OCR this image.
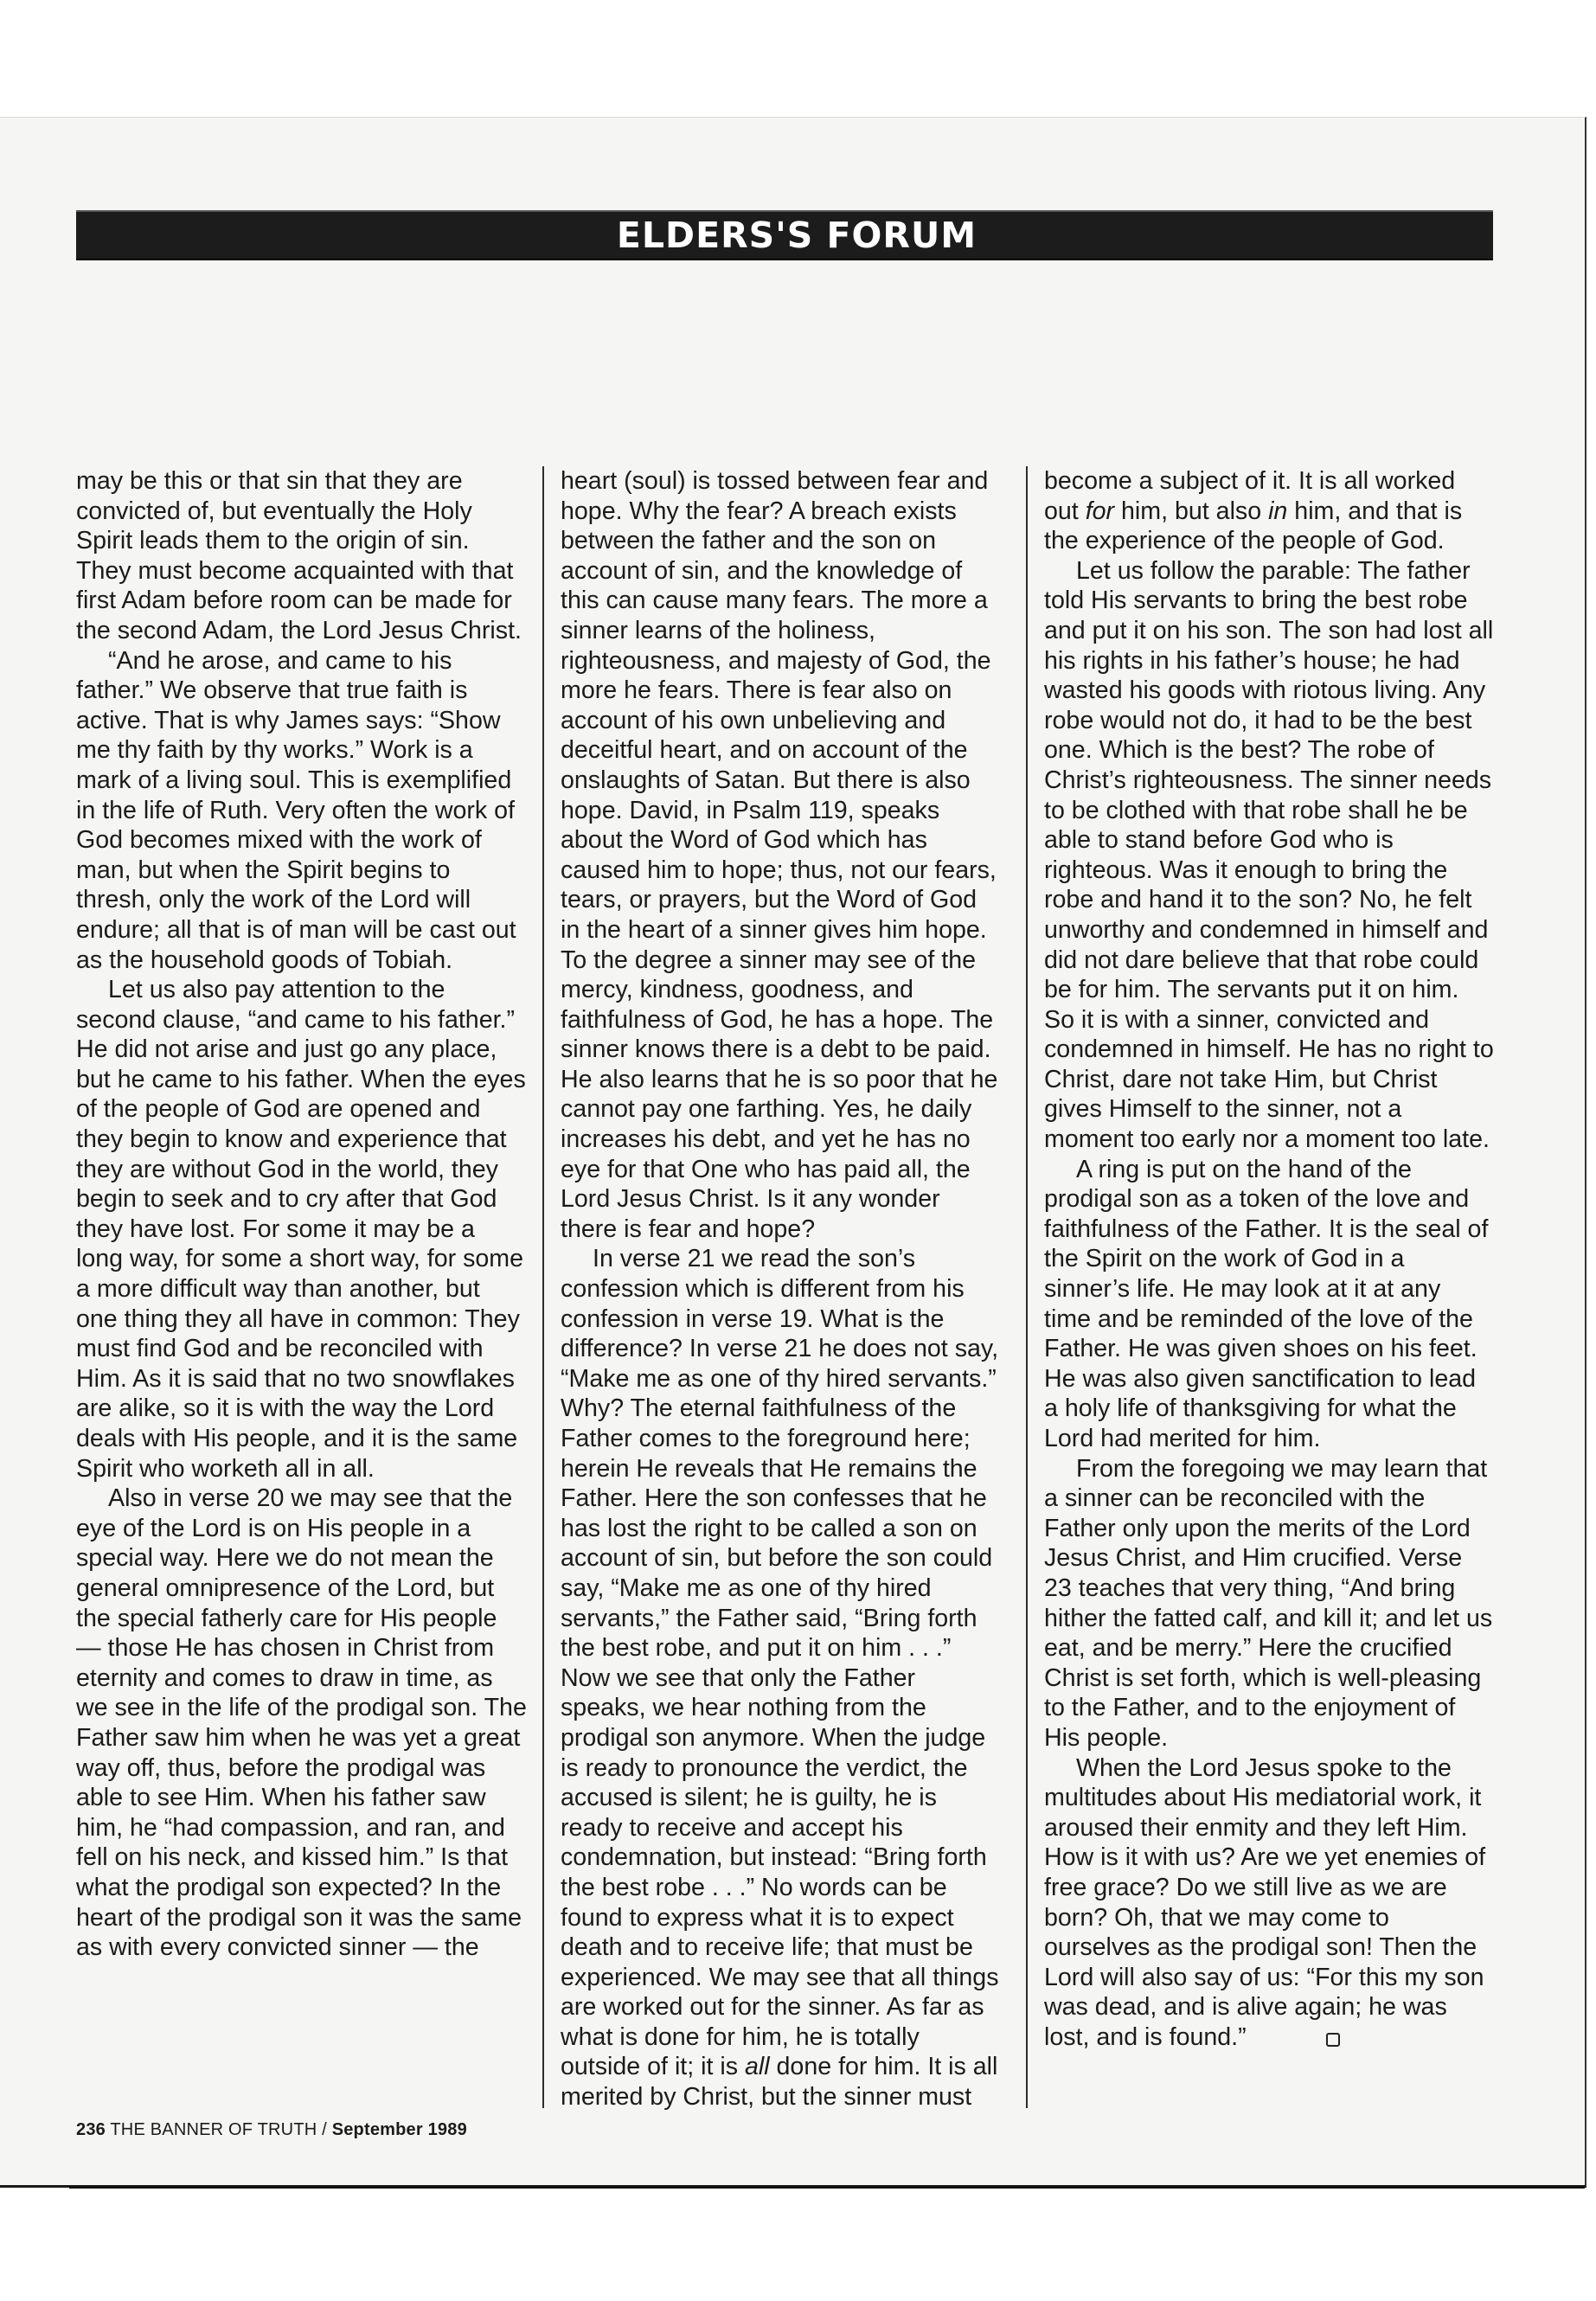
ELDERS'S FORUM

may be this or that sin that they are convicted of, but eventually the Holy Spirit leads them to the origin of sin. They must become acquainted with that first Adam before room can be made for the second Adam, the Lord Jesus Christ.

“And he arose, and came to his father.” We observe that true faith is active. That is why James says: “Show me thy faith by thy works.” Work is a mark of a living soul. This is exemplified in the life of Ruth. Very often the work of God becomes mixed with the work of man, but when the Spirit begins to thresh, only the work of the Lord will endure; all that is of man will be cast out as the household goods of Tobiah.

Let us also pay attention to the second clause, “and came to his father.” He did not arise and just go any place, but he came to his father. When the eyes of the people of God are opened and they begin to know and experience that they are without God in the world, they begin to seek and to cry after that God they have lost. For some it may be a long way, for some a short way, for some a more difficult way than another, but one thing they all have in common: They must find God and be reconciled with Him. As it is said that no two snowflakes are alike, so it is with the way the Lord deals with His people, and it is the same Spirit who worketh all in all.

Also in verse 20 we may see that the eye of the Lord is on His people in a special way. Here we do not mean the general omnipresence of the Lord, but the special fatherly care for His people — those He has chosen in Christ from eternity and comes to draw in time, as we see in the life of the prodigal son. The Father saw him when he was yet a great way off, thus, before the prodigal was able to see Him. When his father saw him, he “had compassion, and ran, and fell on his neck, and kissed him.” Is that what the prodigal son expected? In the heart of the prodigal son it was the same as with every convicted sinner — the

heart (soul) is tossed between fear and hope. Why the fear? A breach exists between the father and the son on account of sin, and the knowledge of this can cause many fears. The more a sinner learns of the holiness, righteousness, and majesty of God, the more he fears. There is fear also on account of his own unbelieving and deceitful heart, and on account of the onslaughts of Satan. But there is also hope. David, in Psalm 119, speaks about the Word of God which has caused him to hope; thus, not our fears, tears, or prayers, but the Word of God in the heart of a sinner gives him hope. To the degree a sinner may see of the mercy, kindness, goodness, and faithfulness of God, he has a hope. The sinner knows there is a debt to be paid. He also learns that he is so poor that he cannot pay one farthing. Yes, he daily increases his debt, and yet he has no eye for that One who has paid all, the Lord Jesus Christ. Is it any wonder there is fear and hope?

In verse 21 we read the son’s confession which is different from his confession in verse 19. What is the difference? In verse 21 he does not say, “Make me as one of thy hired servants.” Why? The eternal faithfulness of the Father comes to the foreground here; herein He reveals that He remains the Father. Here the son confesses that he has lost the right to be called a son on account of sin, but before the son could say, “Make me as one of thy hired servants,” the Father said, “Bring forth the best robe, and put it on him . . .” Now we see that only the Father speaks, we hear nothing from the prodigal son anymore. When the judge is ready to pronounce the verdict, the accused is silent; he is guilty, he is ready to receive and accept his condemnation, but instead: “Bring forth the best robe . . .” No words can be found to express what it is to expect death and to receive life; that must be experienced. We may see that all things are worked out for the sinner. As far as what is done for him, he is totally outside of it; it is all done for him. It is all merited by Christ, but the sinner must

become a subject of it. It is all worked out for him, but also in him, and that is the experience of the people of God.

Let us follow the parable: The father told His servants to bring the best robe and put it on his son. The son had lost all his rights in his father’s house; he had wasted his goods with riotous living. Any robe would not do, it had to be the best one. Which is the best? The robe of Christ’s righteousness. The sinner needs to be clothed with that robe shall he be able to stand before God who is righteous. Was it enough to bring the robe and hand it to the son? No, he felt unworthy and condemned in himself and did not dare believe that that robe could be for him. The servants put it on him. So it is with a sinner, convicted and condemned in himself. He has no right to Christ, dare not take Him, but Christ gives Himself to the sinner, not a moment too early nor a moment too late.

A ring is put on the hand of the prodigal son as a token of the love and faithfulness of the Father. It is the seal of the Spirit on the work of God in a sinner’s life. He may look at it at any time and be reminded of the love of the Father. He was given shoes on his feet. He was also given sanctification to lead a holy life of thanksgiving for what the Lord had merited for him.

From the foregoing we may learn that a sinner can be reconciled with the Father only upon the merits of the Lord Jesus Christ, and Him crucified. Verse 23 teaches that very thing, “And bring hither the fatted calf, and kill it; and let us eat, and be merry.” Here the crucified Christ is set forth, which is well-pleasing to the Father, and to the enjoyment of His people.

When the Lord Jesus spoke to the multitudes about His mediatorial work, it aroused their enmity and they left Him. How is it with us? Are we yet enemies of free grace? Do we still live as we are born? Oh, that we may come to ourselves as the prodigal son! Then the Lord will also say of us: “For this my son was dead, and is alive again; he was lost, and is found.”

236 THE BANNER OF TRUTH / September 1989
